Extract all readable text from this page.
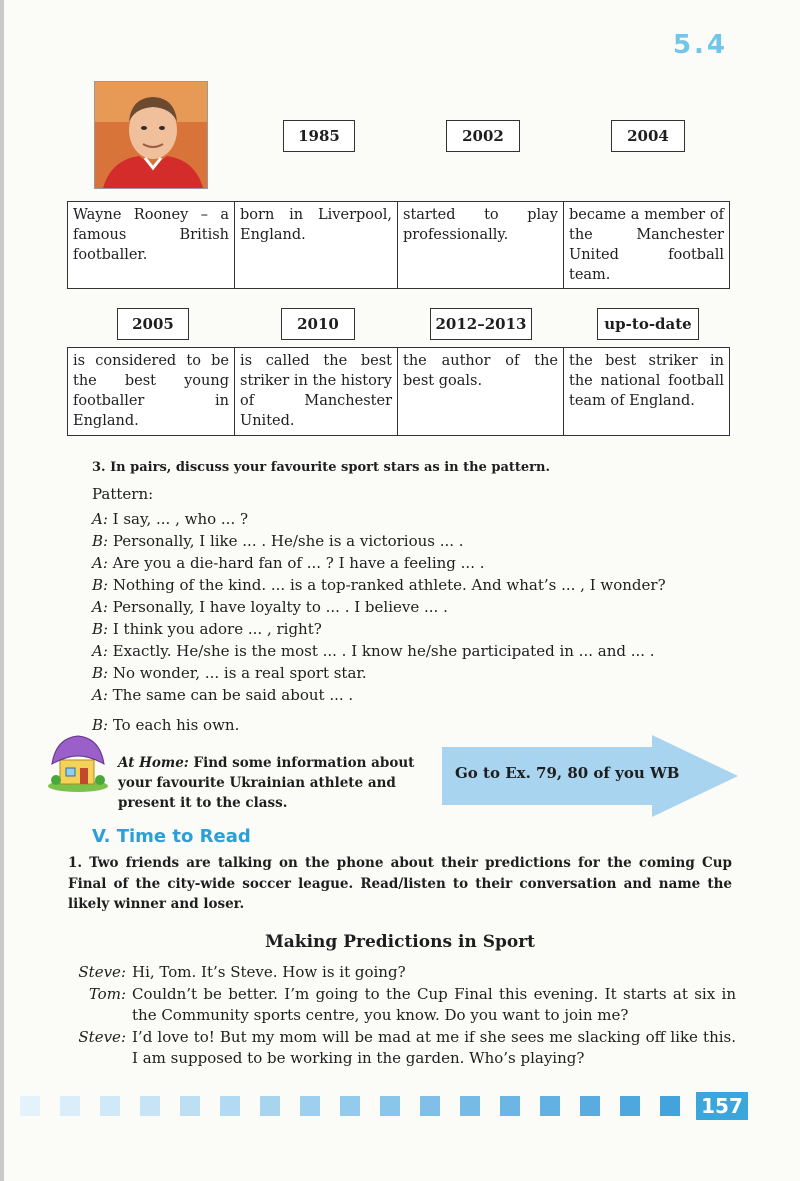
5.4
1985	2002	2004
Wayne Rooney – a famous British footballer.	born in Liverpool, England.	started to play professionally.	became a member of the Manchester United football team.
2005	2010	2012–2013	up-to-date
is considered to be the best young footballer in England.	is called the best striker in the history of Manchester United.	the author of the best goals.	the best striker in the national football team of England.
3. In pairs, discuss your favourite sport stars as in the pattern.
Pattern:
A: I say, ... , who ... ?
B: Personally, I like ... . He/she is a victorious ... .
A: Are you a die-hard fan of ... ? I have a feeling ... .
B: Nothing of the kind. ... is a top-ranked athlete. And what’s ... , I wonder?
A: Personally, I have loyalty to ... . I believe ... .
B: I think you adore ... , right?
A: Exactly. He/she is the most ... . I know he/she participated in ... and ... .
B: No wonder, ... is a real sport star.
A: The same can be said about ... .
B: To each his own.
At Home: Find some information about your favourite Ukrainian athlete and present it to the class.
Go to Ex. 79, 80 of you WB
V. Time to Read
1. Two friends are talking on the phone about their predictions for the coming Cup Final of the city-wide soccer league. Read/listen to their conversation and name the likely winner and loser.
Making Predictions in Sport
Steve: Hi, Tom. It’s Steve. How is it going?
Tom: Couldn’t be better. I’m going to the Cup Final this evening. It starts at six in the Community sports centre, you know. Do you want to join me?
Steve: I’d love to! But my mom will be mad at me if she sees me slacking off like this. I am supposed to be working in the garden. Who’s playing?
157
